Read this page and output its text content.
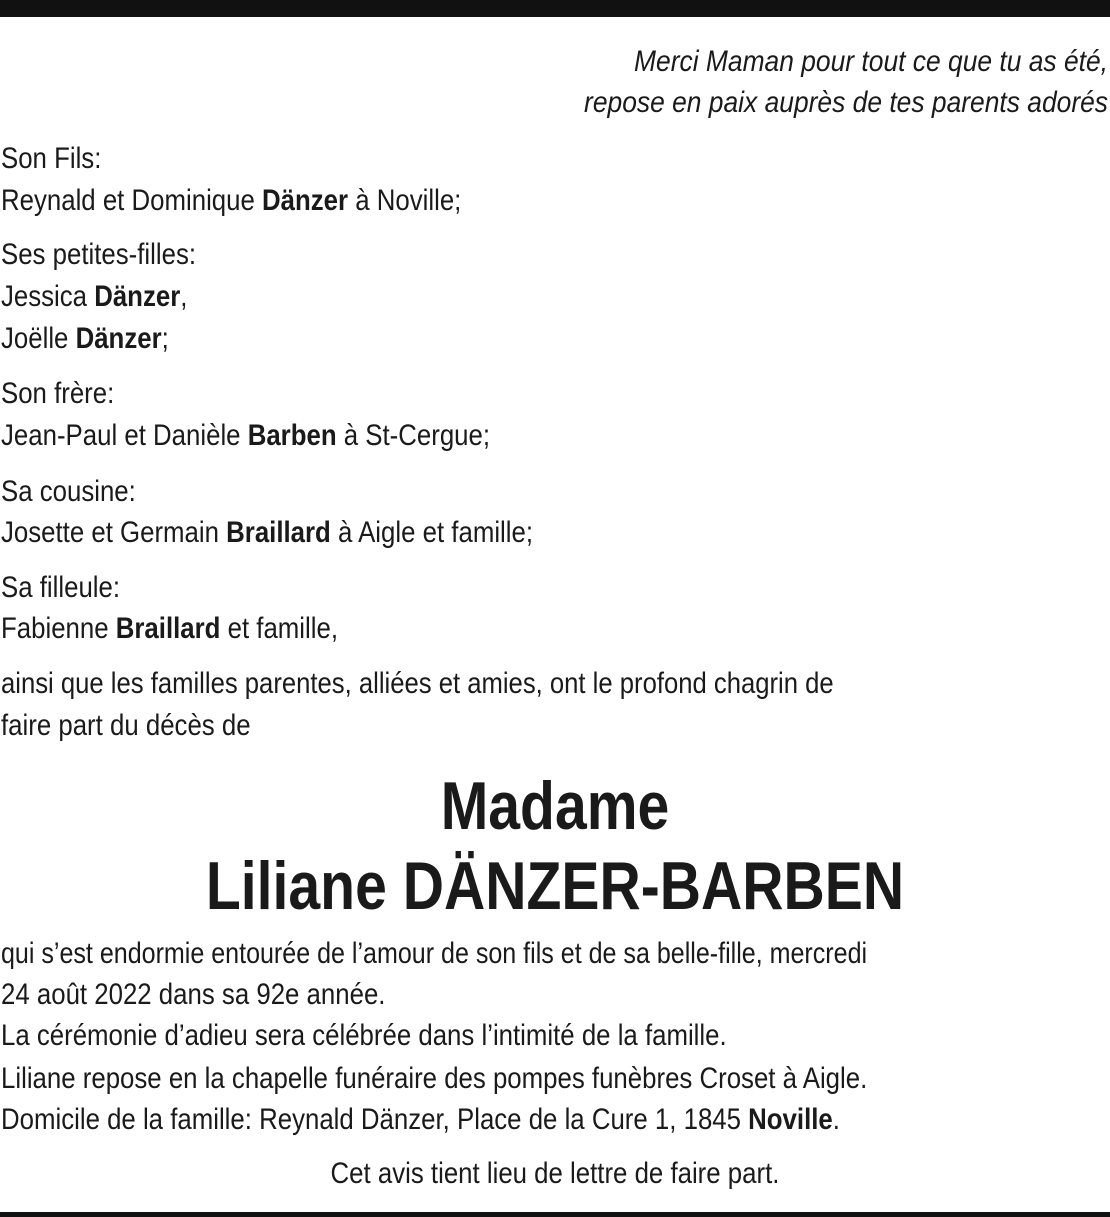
Merci Maman pour tout ce que tu as été,
repose en paix auprès de tes parents adorés
Son Fils:
Reynald et Dominique Dänzer à Noville;
Ses petites-filles:
Jessica Dänzer,
Joëlle Dänzer;
Son frère:
Jean-Paul et Danièle Barben à St-Cergue;
Sa cousine:
Josette et Germain Braillard à Aigle et famille;
Sa filleule:
Fabienne Braillard et famille,
ainsi que les familles parentes, alliées et amies, ont le profond chagrin de
faire part du décès de
Madame
Liliane DÄNZER-BARBEN
qui s’est endormie entourée de l’amour de son fils et de sa belle-fille, mercredi
24 août 2022 dans sa 92e année.
La cérémonie d’adieu sera célébrée dans l’intimité de la famille.
Liliane repose en la chapelle funéraire des pompes funèbres Croset à Aigle.
Domicile de la famille: Reynald Dänzer, Place de la Cure 1, 1845 Noville.
Cet avis tient lieu de lettre de faire part.
